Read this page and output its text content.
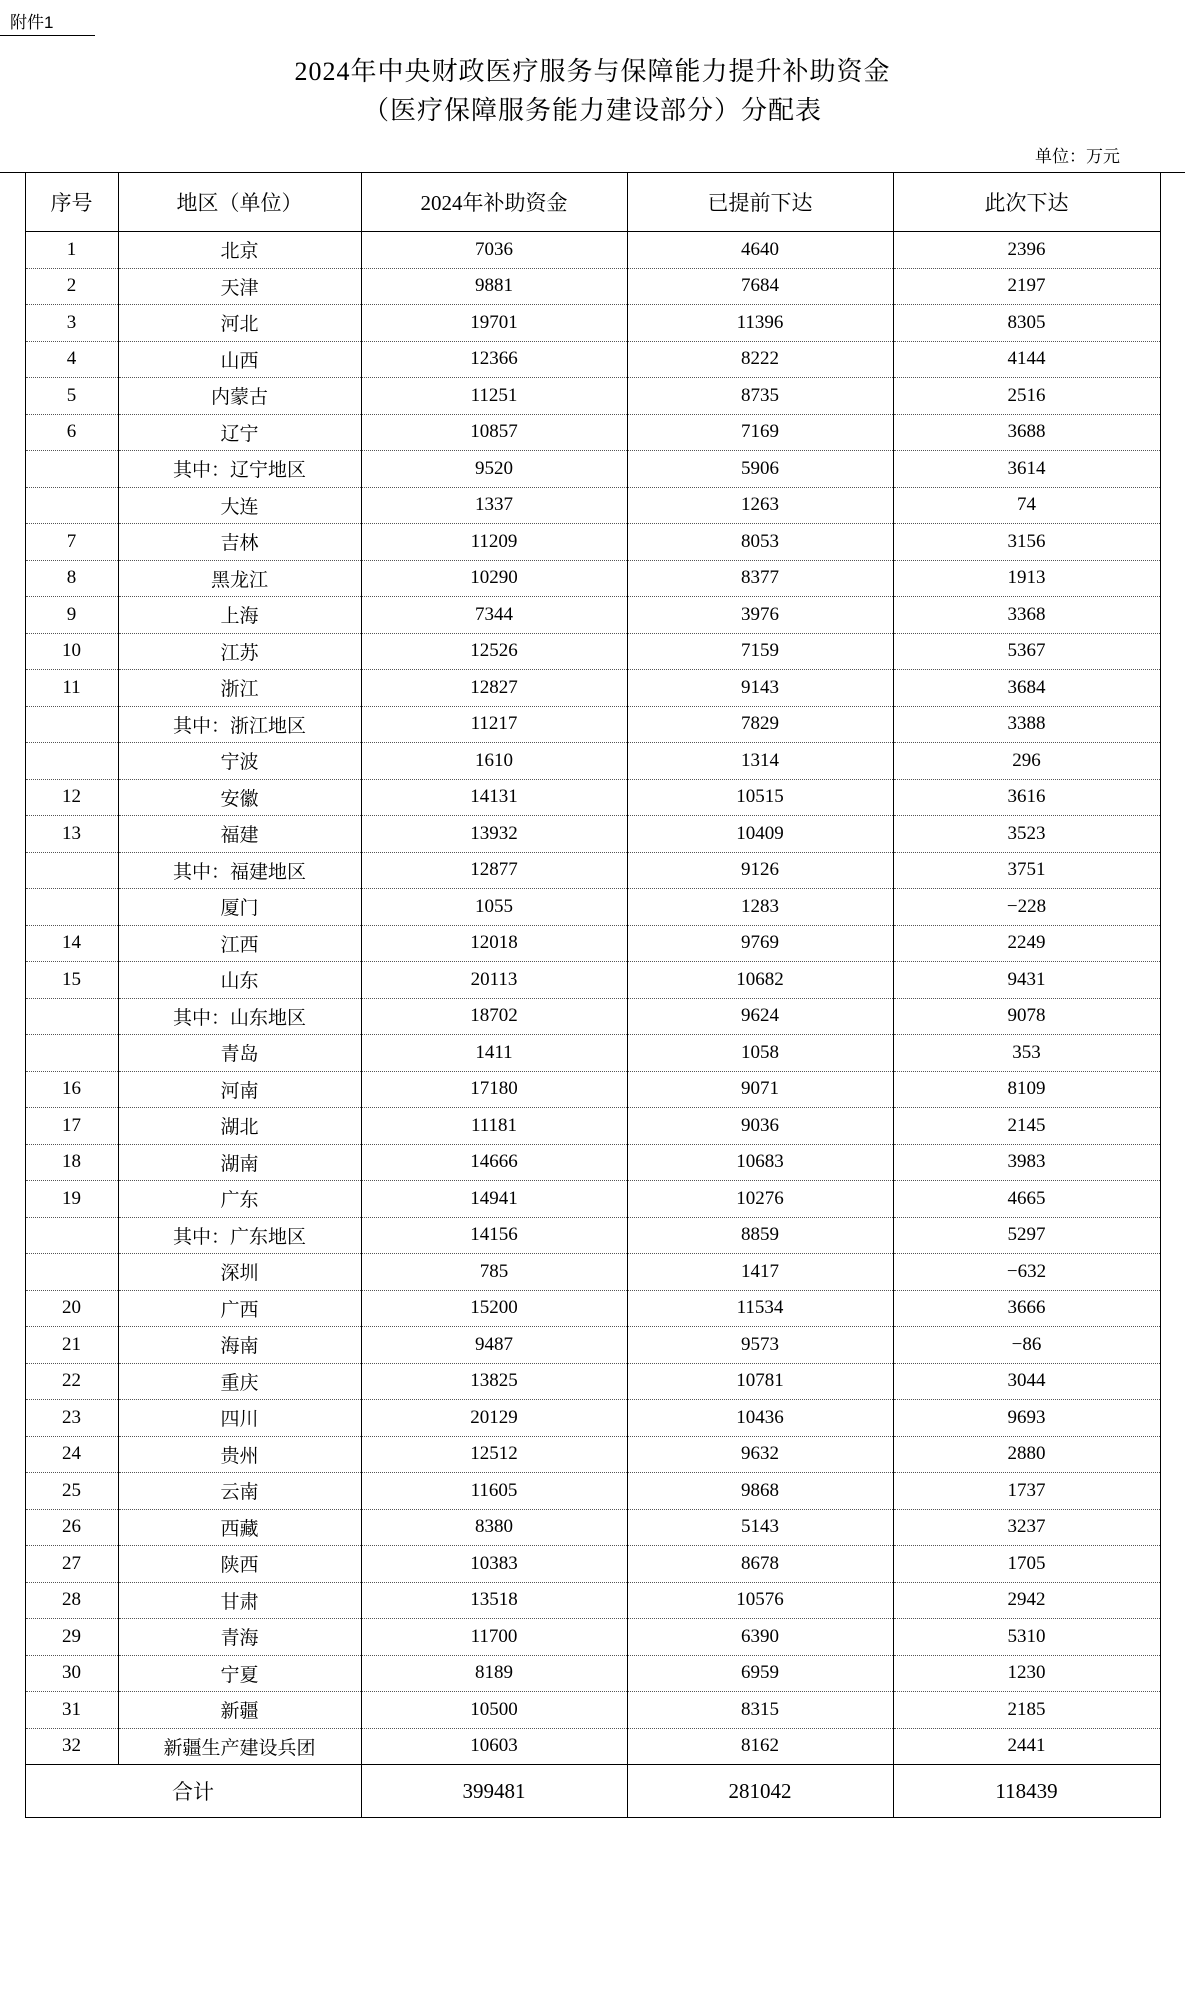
附件1
2024年中央财政医疗服务与保障能力提升补助资金
（医疗保障服务能力建设部分）分配表
单位：万元
序号	地区（单位）	2024年补助资金	已提前下达	此次下达
1	北京	7036	4640	2396
2	天津	9881	7684	2197
3	河北	19701	11396	8305
4	山西	12366	8222	4144
5	内蒙古	11251	8735	2516
6	辽宁	10857	7169	3688
	其中：辽宁地区	9520	5906	3614
	大连	1337	1263	74
7	吉林	11209	8053	3156
8	黑龙江	10290	8377	1913
9	上海	7344	3976	3368
10	江苏	12526	7159	5367
11	浙江	12827	9143	3684
	其中：浙江地区	11217	7829	3388
	宁波	1610	1314	296
12	安徽	14131	10515	3616
13	福建	13932	10409	3523
	其中：福建地区	12877	9126	3751
	厦门	1055	1283	−228
14	江西	12018	9769	2249
15	山东	20113	10682	9431
	其中：山东地区	18702	9624	9078
	青岛	1411	1058	353
16	河南	17180	9071	8109
17	湖北	11181	9036	2145
18	湖南	14666	10683	3983
19	广东	14941	10276	4665
	其中：广东地区	14156	8859	5297
	深圳	785	1417	−632
20	广西	15200	11534	3666
21	海南	9487	9573	−86
22	重庆	13825	10781	3044
23	四川	20129	10436	9693
24	贵州	12512	9632	2880
25	云南	11605	9868	1737
26	西藏	8380	5143	3237
27	陕西	10383	8678	1705
28	甘肃	13518	10576	2942
29	青海	11700	6390	5310
30	宁夏	8189	6959	1230
31	新疆	10500	8315	2185
32	新疆生产建设兵团	10603	8162	2441
合计		399481	281042	118439
